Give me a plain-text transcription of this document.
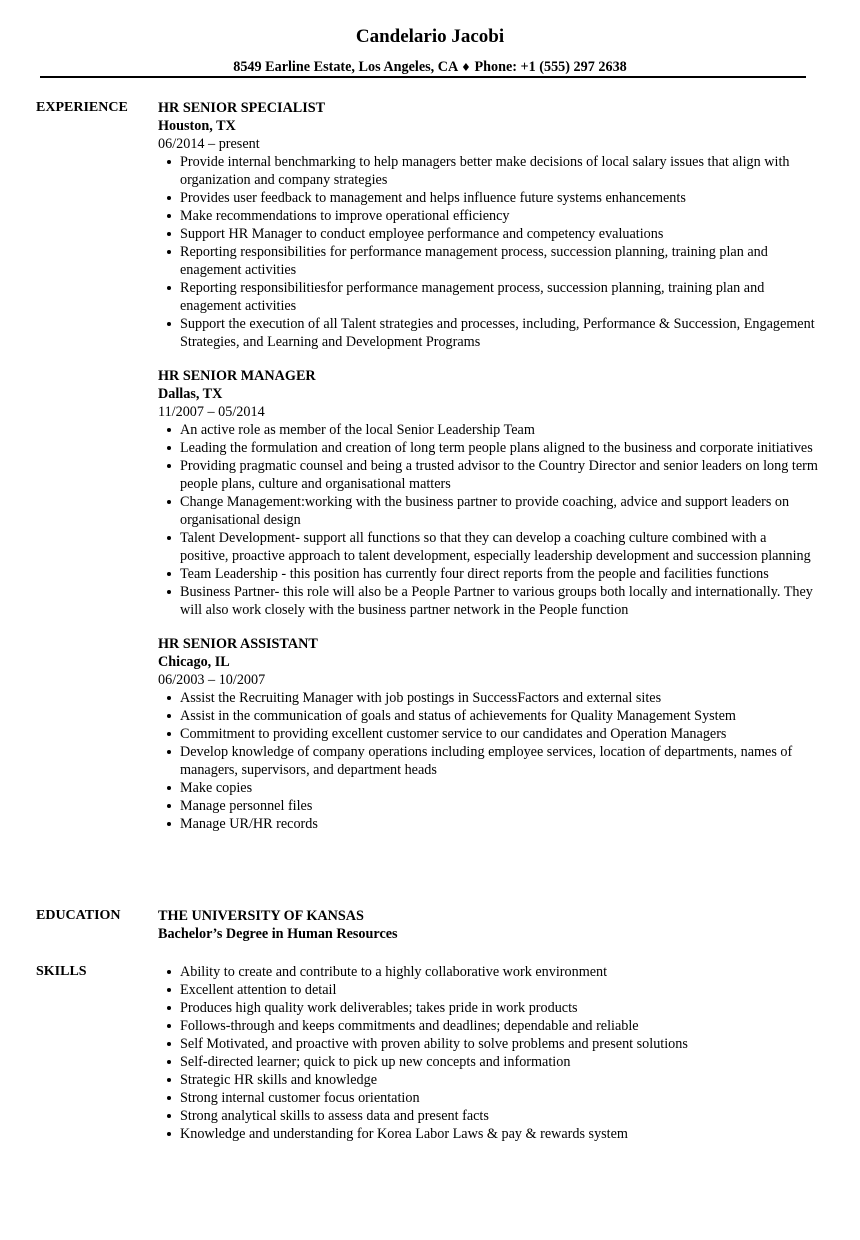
Candelario Jacobi
8549 Earline Estate, Los Angeles, CA ♦ Phone: +1 (555) 297 2638
EXPERIENCE HR SENIOR SPECIALIST
Houston, TX
06/2014 – present
Provide internal benchmarking to help managers better make decisions of local salary issues that align with organization and company strategies
Provides user feedback to management and helps influence future systems enhancements
Make recommendations to improve operational efficiency
Support HR Manager to conduct employee performance and competency evaluations
Reporting responsibilities for performance management process, succession planning, training plan and enagement activities
Reporting responsibilitiesfor performance management process, succession planning, training plan and enagement activities
Support the execution of all Talent strategies and processes, including, Performance & Succession, Engagement Strategies, and Learning and Development Programs
HR SENIOR MANAGER
Dallas, TX
11/2007 – 05/2014
An active role as member of the local Senior Leadership Team
Leading the formulation and creation of long term people plans aligned to the business and corporate initiatives
Providing pragmatic counsel and being a trusted advisor to the Country Director and senior leaders on long term people plans, culture and organisational matters
Change Management:working with the business partner to provide coaching, advice and support leaders on organisational design
Talent Development- support all functions so that they can develop a coaching culture combined with a positive, proactive approach to talent development, especially leadership development and succession planning
Team Leadership - this position has currently four direct reports from the people and facilities functions
Business Partner- this role will also be a People Partner to various groups both locally and internationally. They will also work closely with the business partner network in the People function
HR SENIOR ASSISTANT
Chicago, IL
06/2003 – 10/2007
Assist the Recruiting Manager with job postings in SuccessFactors and external sites
Assist in the communication of goals and status of achievements for Quality Management System
Commitment to providing excellent customer service to our candidates and Operation Managers
Develop knowledge of company operations including employee services, location of departments, names of managers, supervisors, and department heads
Make copies
Manage personnel files
Manage UR/HR records
EDUCATION	THE UNIVERSITY OF KANSAS
Bachelor’s Degree in Human Resources
SKILLS	Ability to create and contribute to a highly collaborative work environment
Excellent attention to detail
Produces high quality work deliverables; takes pride in work products
Follows-through and keeps commitments and deadlines; dependable and reliable
Self Motivated, and proactive with proven ability to solve problems and present solutions
Self-directed learner; quick to pick up new concepts and information
Strategic HR skills and knowledge
Strong internal customer focus orientation
Strong analytical skills to assess data and present facts
Knowledge and understanding for Korea Labor Laws & pay & rewards system
